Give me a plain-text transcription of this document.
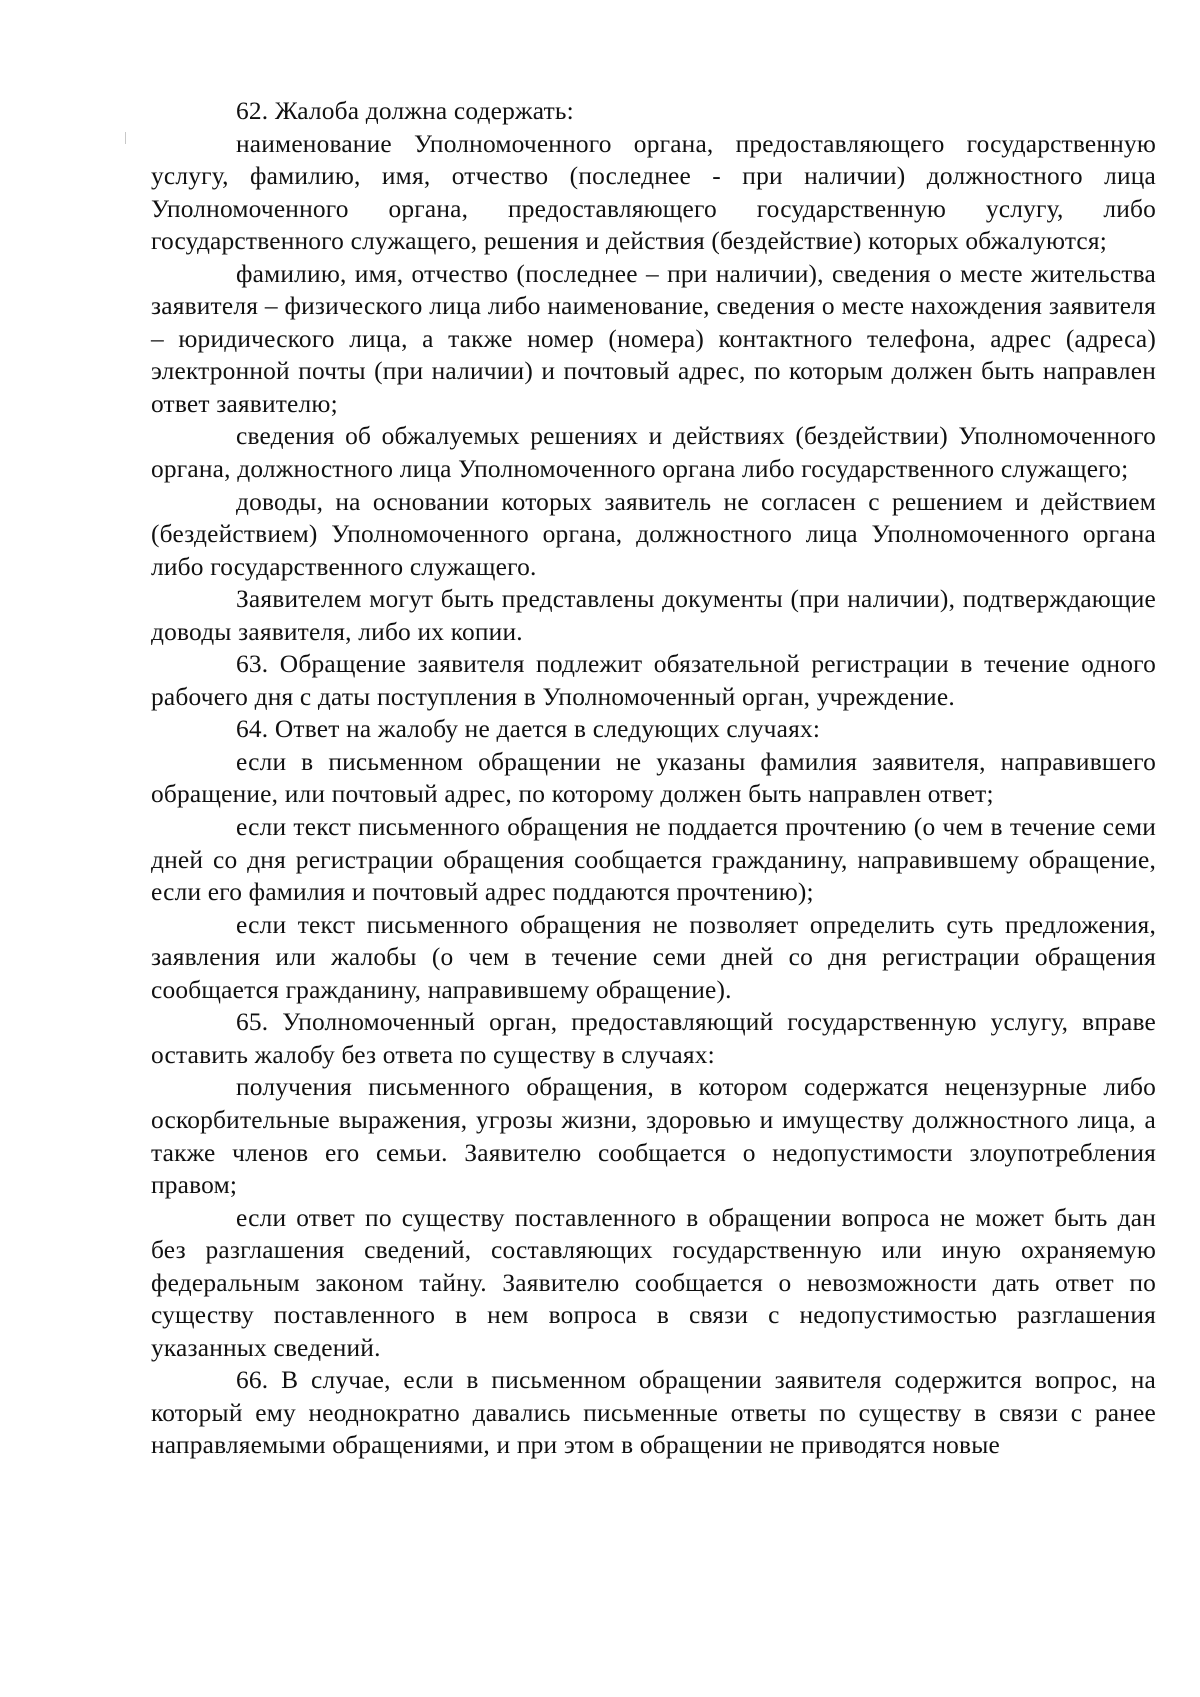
62. Жалоба должна содержать:

наименование Уполномоченного органа, предоставляющего государственную услугу, фамилию, имя, отчество (последнее - при наличии) должностного лица Уполномоченного органа, предоставляющего государственную услугу, либо государственного служащего, решения и действия (бездействие) которых обжалуются;

фамилию, имя, отчество (последнее – при наличии), сведения о месте жительства заявителя – физического лица либо наименование, сведения о месте нахождения заявителя – юридического лица, а также номер (номера) контактного телефона, адрес (адреса) электронной почты (при наличии) и почтовый адрес, по которым должен быть направлен ответ заявителю;

сведения об обжалуемых решениях и действиях (бездействии) Уполномоченного органа, должностного лица Уполномоченного органа либо государственного служащего;

доводы, на основании которых заявитель не согласен с решением и действием (бездействием) Уполномоченного органа, должностного лица Уполномоченного органа либо государственного служащего.

Заявителем могут быть представлены документы (при наличии), подтверждающие доводы заявителя, либо их копии.

63. Обращение заявителя подлежит обязательной регистрации в течение одного рабочего дня с даты поступления в Уполномоченный орган, учреждение.

64. Ответ на жалобу не дается в следующих случаях:

если в письменном обращении не указаны фамилия заявителя, направившего обращение, или почтовый адрес, по которому должен быть направлен ответ;

если текст письменного обращения не поддается прочтению (о чем в течение семи дней со дня регистрации обращения сообщается гражданину, направившему обращение, если его фамилия и почтовый адрес поддаются прочтению);

если текст письменного обращения не позволяет определить суть предложения, заявления или жалобы (о чем в течение семи дней со дня регистрации обращения сообщается гражданину, направившему обращение).

65. Уполномоченный орган, предоставляющий государственную услугу, вправе оставить жалобу без ответа по существу в случаях:

получения письменного обращения, в котором содержатся нецензурные либо оскорбительные выражения, угрозы жизни, здоровью и имуществу должностного лица, а также членов его семьи. Заявителю сообщается о недопустимости злоупотребления правом;

если ответ по существу поставленного в обращении вопроса не может быть дан без разглашения сведений, составляющих государственную или иную охраняемую федеральным законом тайну. Заявителю сообщается о невозможности дать ответ по существу поставленного в нем вопроса в связи с недопустимостью разглашения указанных сведений.

66. В случае, если в письменном обращении заявителя содержится вопрос, на который ему неоднократно давались письменные ответы по существу в связи с ранее направляемыми обращениями, и при этом в обращении не приводятся новые
